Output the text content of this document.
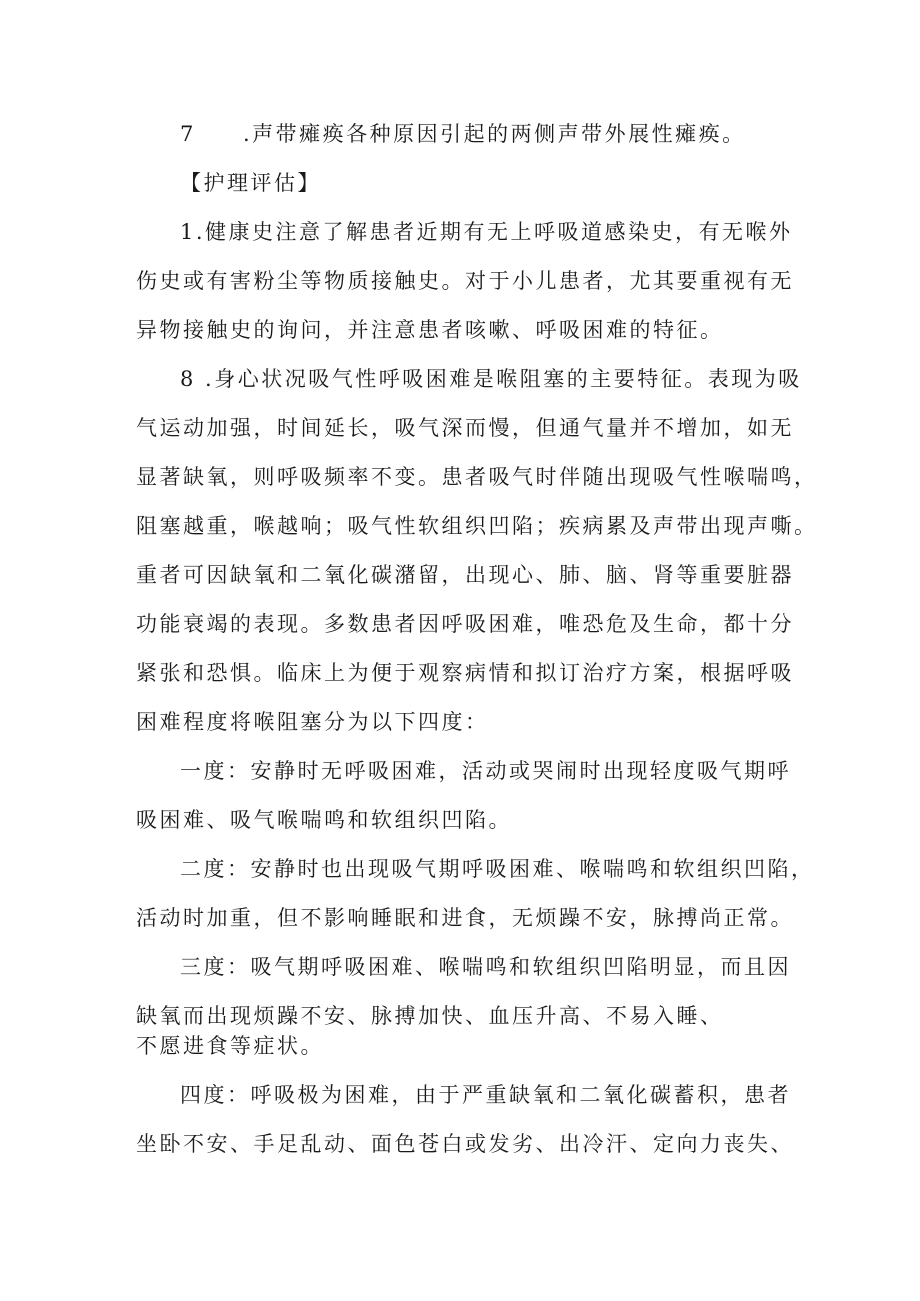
7 .声带瘫痪各种原因引起的两侧声带外展性瘫痪。
【护理评估】
1.健康史注意了解患者近期有无上呼吸道感染史，有无喉外
伤史或有害粉尘等物质接触史。对于小儿患者，尤其要重视有无
异物接触史的询问，并注意患者咳嗽、呼吸困难的特征。
8 .身心状况吸气性呼吸困难是喉阻塞的主要特征。表现为吸
气运动加强，时间延长，吸气深而慢，但通气量并不增加，如无
显著缺氧，则呼吸频率不变。患者吸气时伴随出现吸气性喉喘鸣，
阻塞越重，喉越响；吸气性软组织凹陷；疾病累及声带出现声嘶。
重者可因缺氧和二氧化碳潴留，出现心、肺、脑、肾等重要脏器
功能衰竭的表现。多数患者因呼吸困难，唯恐危及生命，都十分
紧张和恐惧。临床上为便于观察病情和拟订治疗方案，根据呼吸
困难程度将喉阻塞分为以下四度：
一度：安静时无呼吸困难，活动或哭闹时出现轻度吸气期呼
吸困难、吸气喉喘鸣和软组织凹陷。
二度：安静时也出现吸气期呼吸困难、喉喘鸣和软组织凹陷，
活动时加重，但不影响睡眠和进食，无烦躁不安，脉搏尚正常。
三度：吸气期呼吸困难、喉喘鸣和软组织凹陷明显，而且因
缺氧而出现烦躁不安、脉搏加快、血压升高、不易入睡、
不愿进食等症状。
四度：呼吸极为困难，由于严重缺氧和二氧化碳蓄积，患者
坐卧不安、手足乱动、面色苍白或发劣、出冷汗、定向力丧失、
